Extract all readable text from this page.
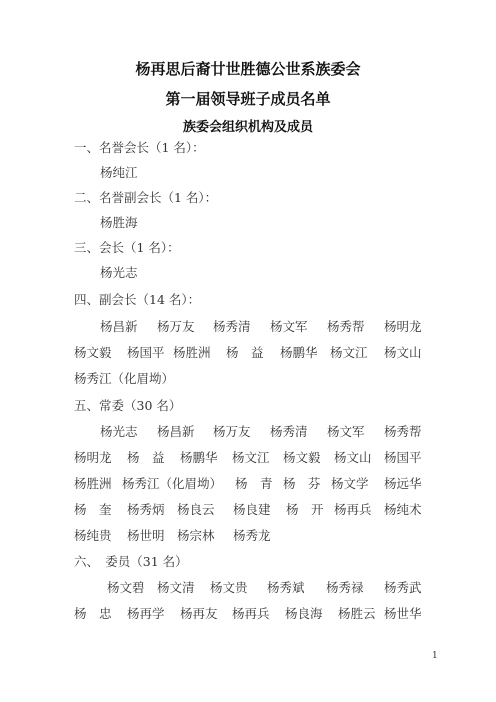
杨再思后裔廿世胜德公世系族委会
第一届领导班子成员名单
族委会组织机构及成员
一、名誉会长（1 名）：
杨纯江
二、名誉副会长（1 名）：
杨胜海
三、会长（1 名）：
杨光志
四、副会长（14 名）：
杨昌新 杨万友 杨秀清 杨文军 杨秀帮 杨明龙
杨文毅 杨国平 杨胜洲 杨　益 杨鹏华 杨文江 杨文山
杨秀江（化眉坳）
五、常委（30 名）
杨光志 杨昌新 杨万友 杨秀清 杨文军 杨秀帮
杨明龙 杨　益 杨鹏华 杨文江 杨文毅 杨文山 杨国平
杨胜洲 杨秀江（化眉坳） 杨　青 杨　芬 杨文学 杨远华
杨　奎 杨秀炳 杨良云 杨良建 杨　开 杨再兵 杨纯术
杨纯贵 杨世明 杨宗林 杨秀龙
六、　委员（31 名）
杨文碧 杨文清 杨文贵 杨秀斌 杨秀禄 杨秀武
杨　忠 杨再学 杨再友 杨再兵 杨良海 杨胜云 杨世华
1
